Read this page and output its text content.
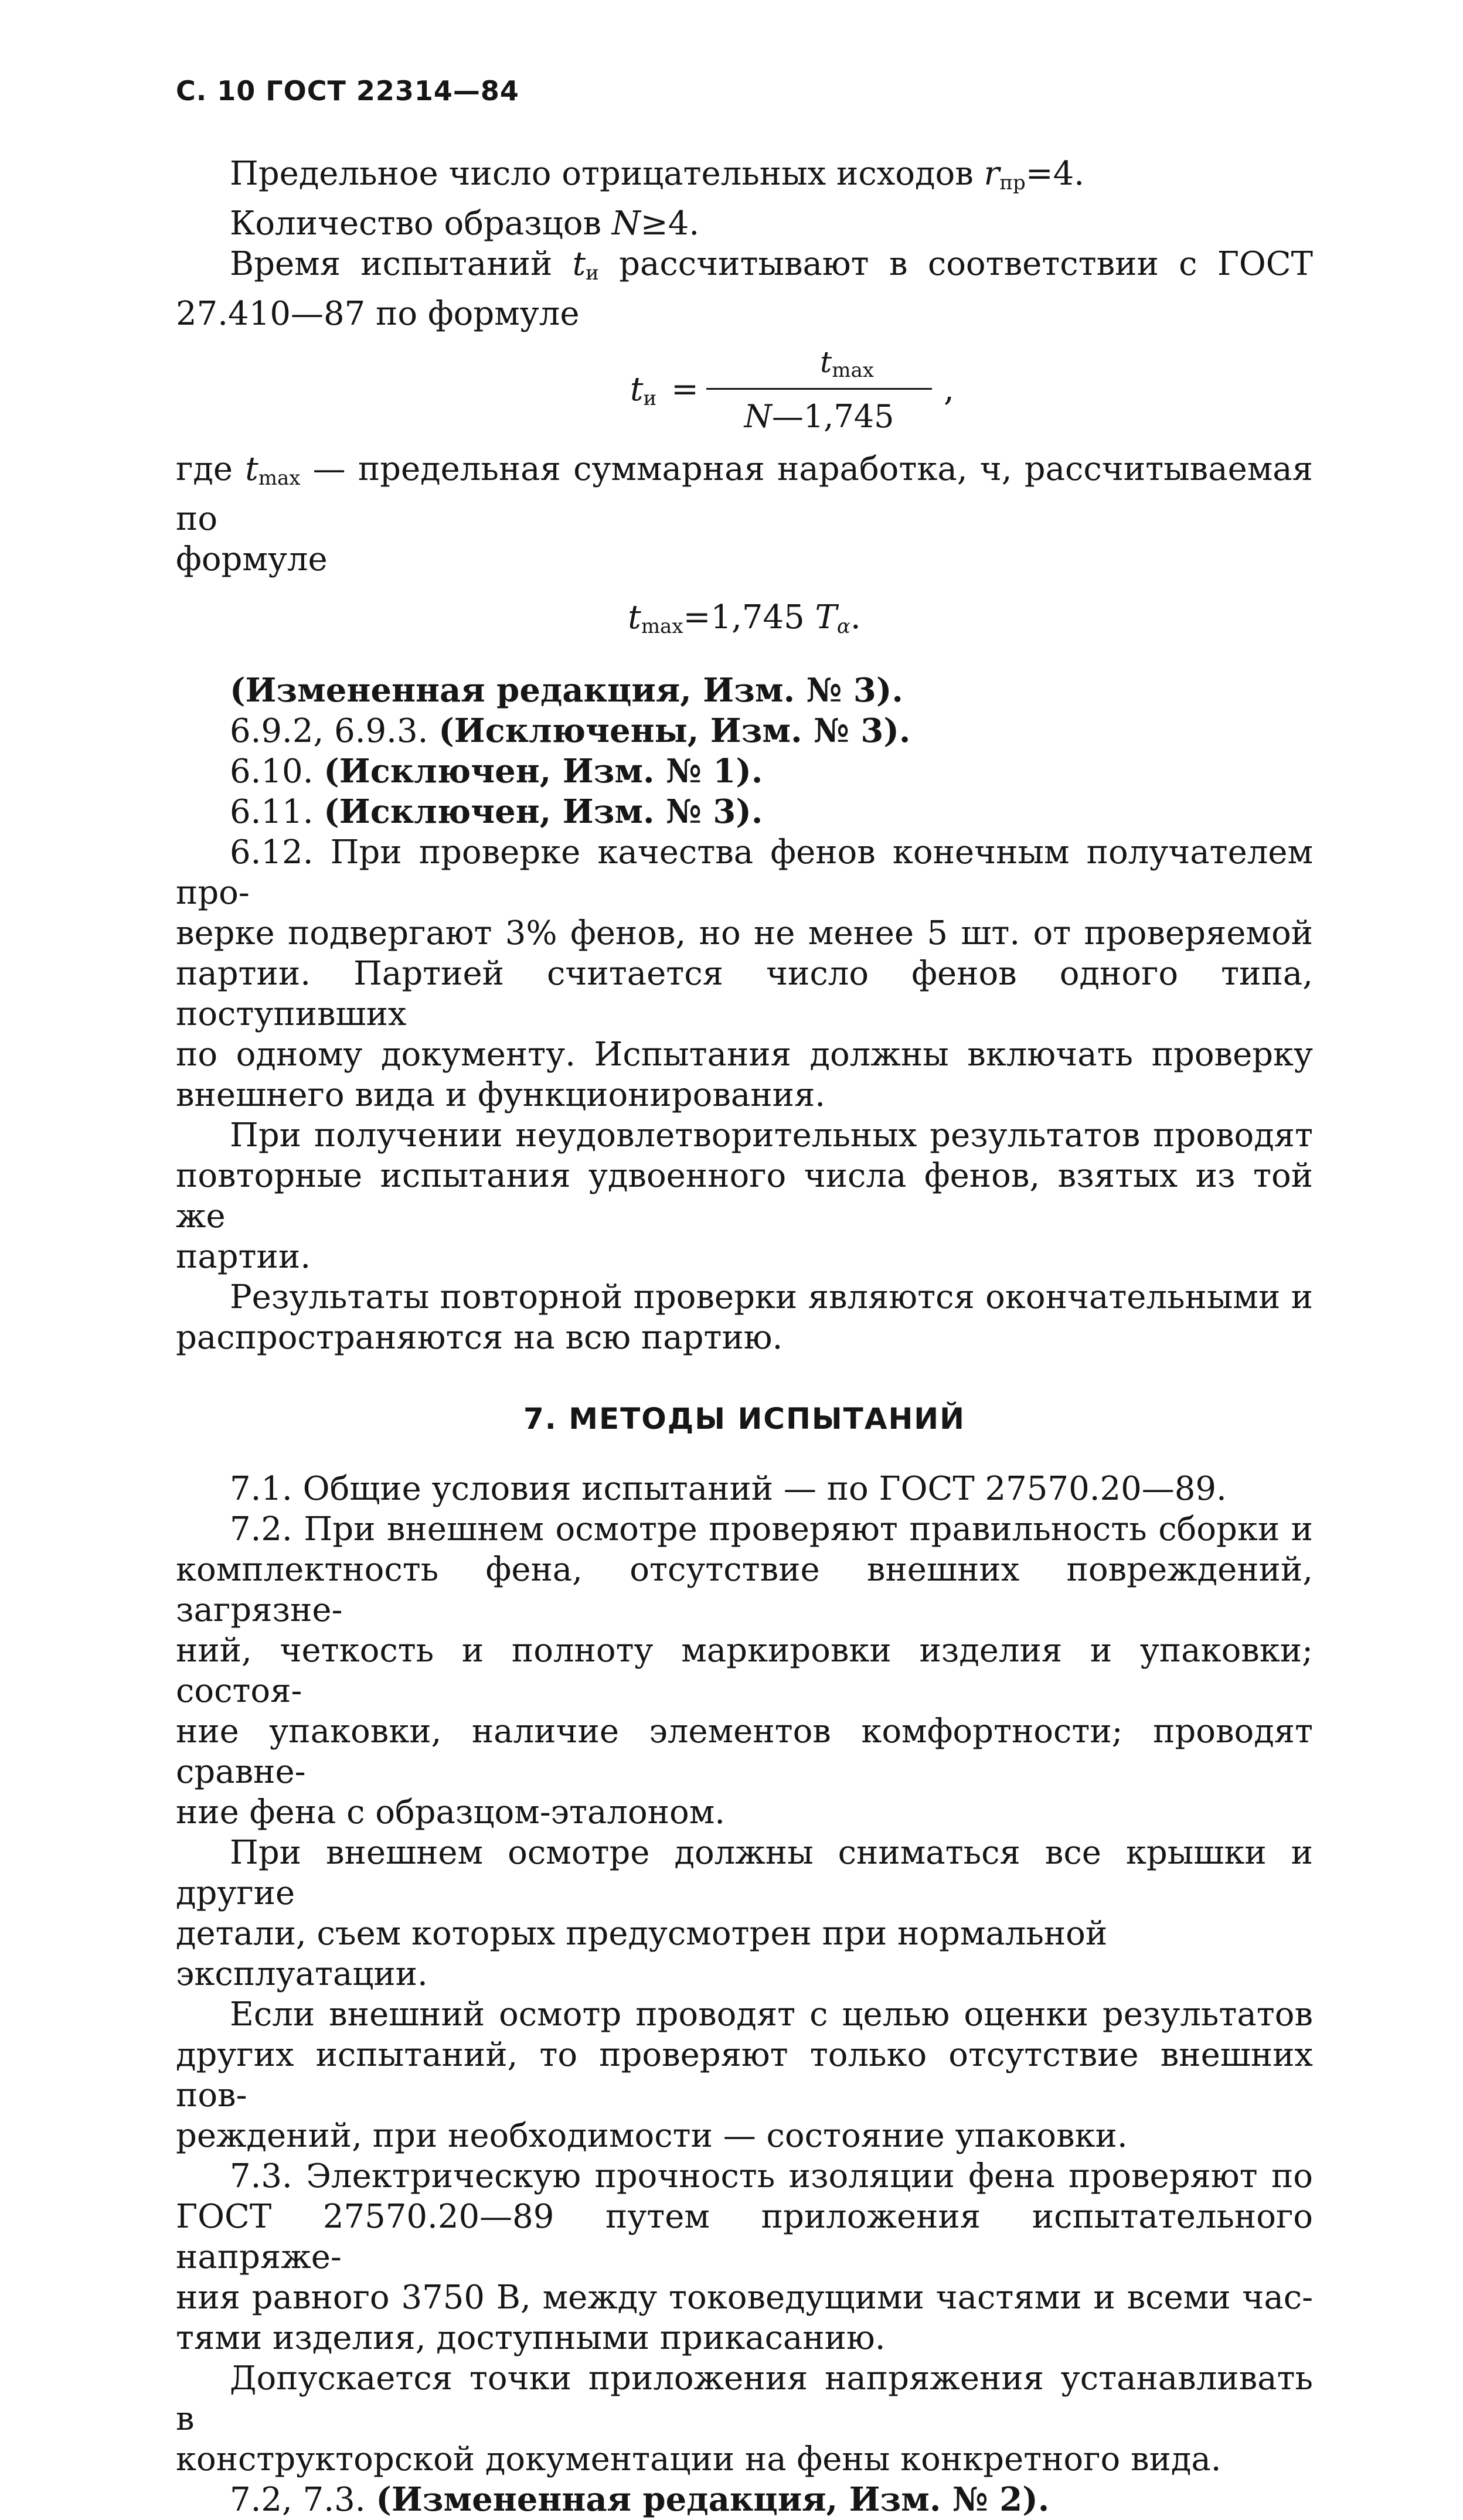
С. 10 ГОСТ 22314—84

Предельное число отрицательных исходов $r_{пр}=4$.

Количество образцов N≥4.

Время испытаний $t_и$ рассчитывают в соответствии с ГОСТ

27.410—87 по формуле

$t_и$ =
$t_{max}$
N—1,745
,

где $t_{max}$ — предельная суммарная наработка, ч, рассчитываемая по

формуле

$t_{max}=1,745$ Tα.

(Измененная редакция, Изм. № 3).

6.9.2, 6.9.3. (Исключены, Изм. № 3).

6.10. (Исключен, Изм. № 1).

6.11. (Исключен, Изм. № 3).

6.12. При проверке качества фенов конечным получателем про-

верке подвергают 3% фенов, но не менее 5 шт. от проверяемой

партии. Партией считается число фенов одного типа, поступивших

по одному документу. Испытания должны включать проверку

внешнего вида и функционирования.

При получении неудовлетворительных результатов проводят

повторные испытания удвоенного числа фенов, взятых из той же

партии.

Результаты повторной проверки являются окончательными и

распространяются на всю партию.

7. МЕТОДЫ ИСПЫТАНИЙ

7.1. Общие условия испытаний — по ГОСТ 27570.20—89.

7.2. При внешнем осмотре проверяют правильность сборки и

комплектность фена, отсутствие внешних повреждений, загрязне-

ний, четкость и полноту маркировки изделия и упаковки; состоя-

ние упаковки, наличие элементов комфортности; проводят сравне-

ние фена с образцом-эталоном.

При внешнем осмотре должны сниматься все крышки и другие

детали, съем которых предусмотрен при нормальной эксплуатации.

Если внешний осмотр проводят с целью оценки результатов

других испытаний, то проверяют только отсутствие внешних пов-

реждений, при необходимости — состояние упаковки.

7.3. Электрическую прочность изоляции фена проверяют по

ГОСТ 27570.20—89 путем приложения испытательного напряже-

ния равного 3750 В, между токоведущими частями и всеми час-

тями изделия, доступными прикасанию.

Допускается точки приложения напряжения устанавливать в

конструкторской документации на фены конкретного вида.

7.2, 7.3. (Измененная редакция, Изм. № 2).
